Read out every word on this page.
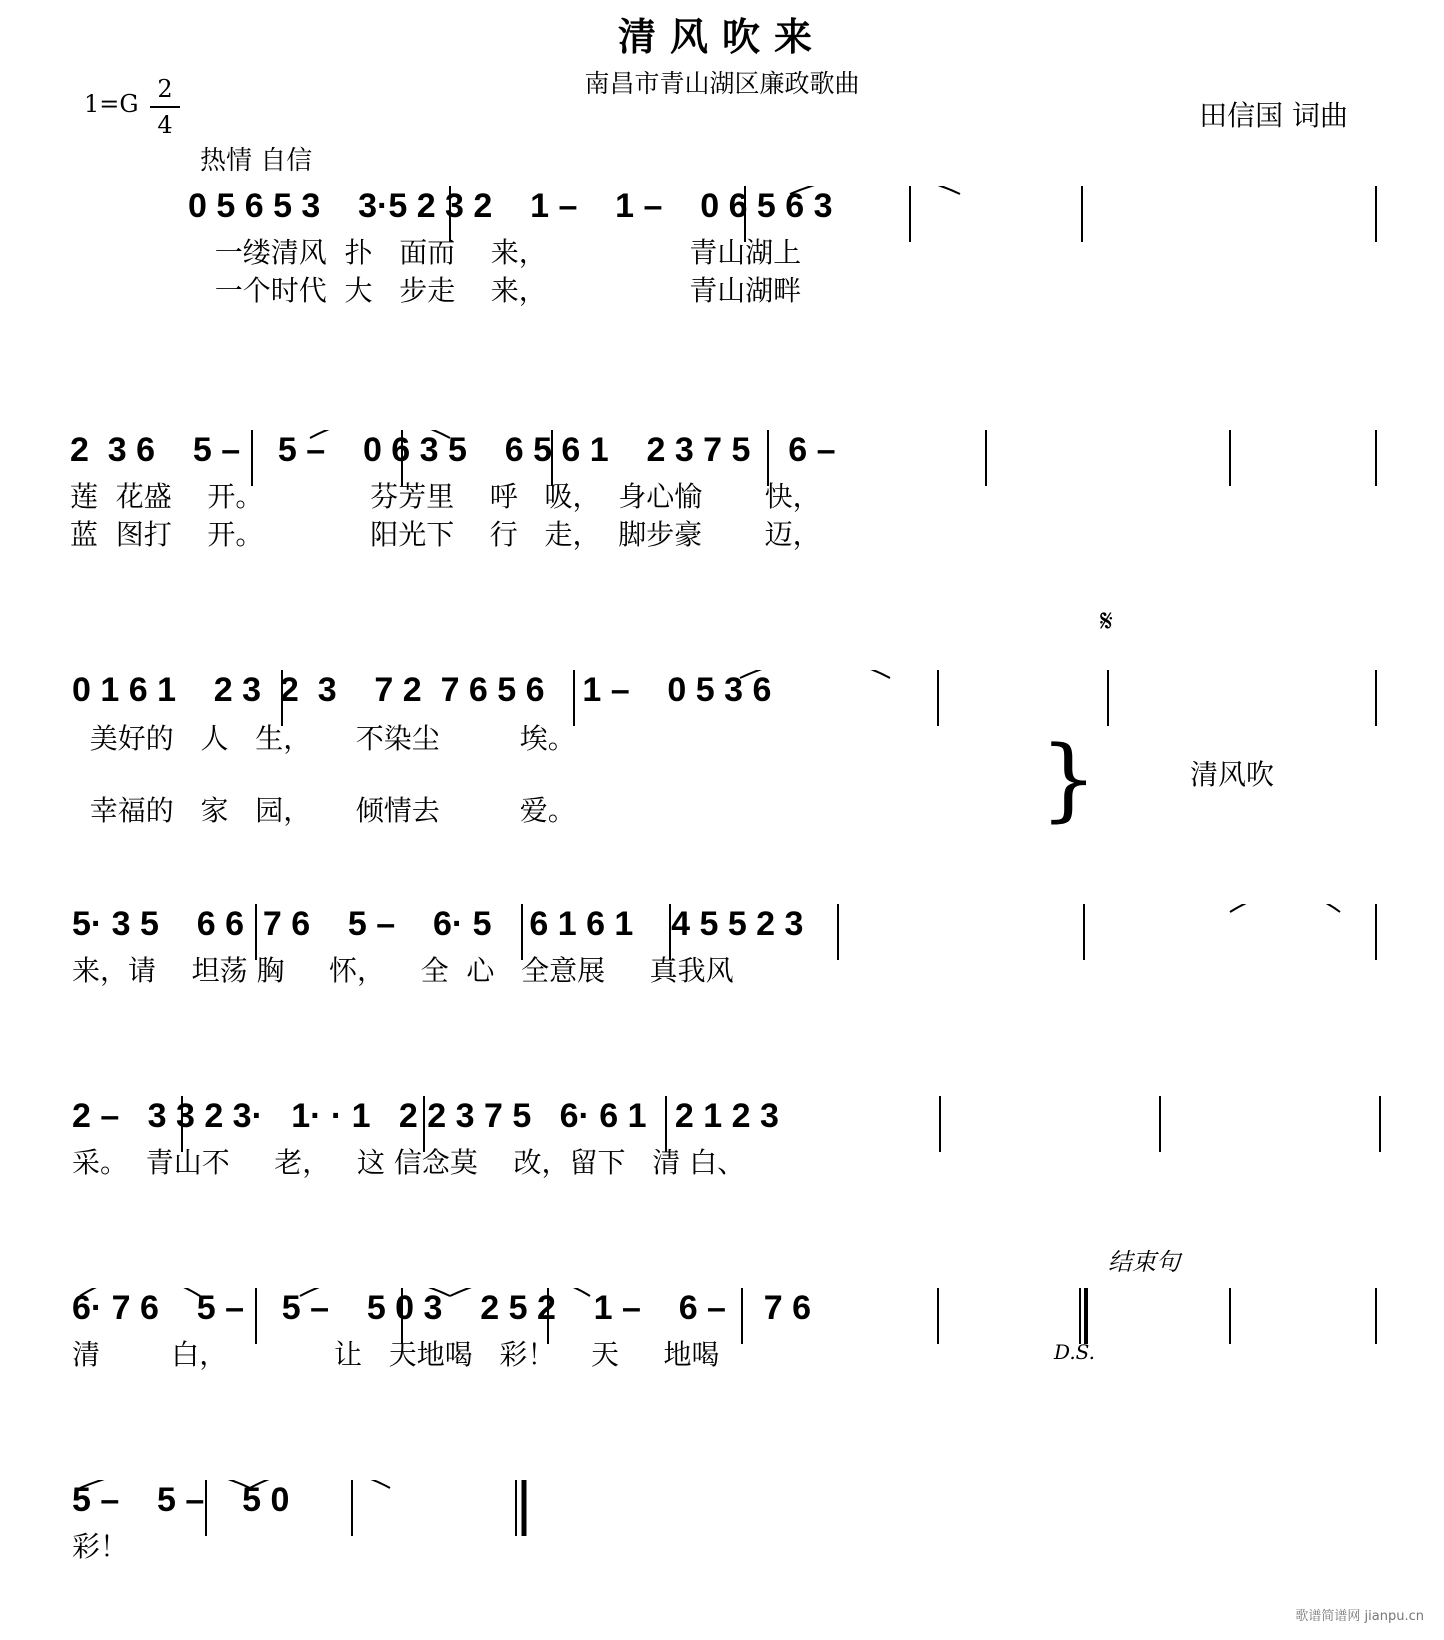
清风吹来
南昌市青山湖区廉政歌曲
1=G
2
4	田信国 词曲
热情 自信
0 5 6 5 3    3·5 2 3 2    1 –    1 –    0 6 5 6 3
一缕清风  扑   面而    来，                青山湖上
一个时代  大   步走    来，                青山湖畔
2  3 6    5 –    5 –    0 6 3 5    6 5 6 1    2 3 7 5    6 –
莲  花盛    开。            芬芳里    呼   吸，  身心愉       快，
蓝  图打    开。            阳光下    行   走，  脚步豪       迈，
𝄋
0 1 6 1    2 3  2  3    7 2  7 6 5 6    1 –    0 5 3 6
美好的   人   生，     不染尘         埃。
幸福的   家   园，     倾情去         爱。
清风吹
}
5· 3 5    6 6  7 6    5 –    6· 5    6 1 6 1    4 5 5 2 3
来，请    坦荡 胸     怀，    全  心   全意展     真我风
2 –   3 3 2 3·   1· · 1   2 2 3 7 5   6· 6 1   2 1 2 3
采。  青山不     老，   这 信念莫    改，留下   清 白、
6· 7 6    5 –    5 –    5 0 3    2 5 2    1 –    6 –    7 6
清        白，            让   天地喝   彩！    天     地喝
结束句
D.S.
5 –    5 –    5 0
彩！
歌谱简谱网 jianpu.cn
